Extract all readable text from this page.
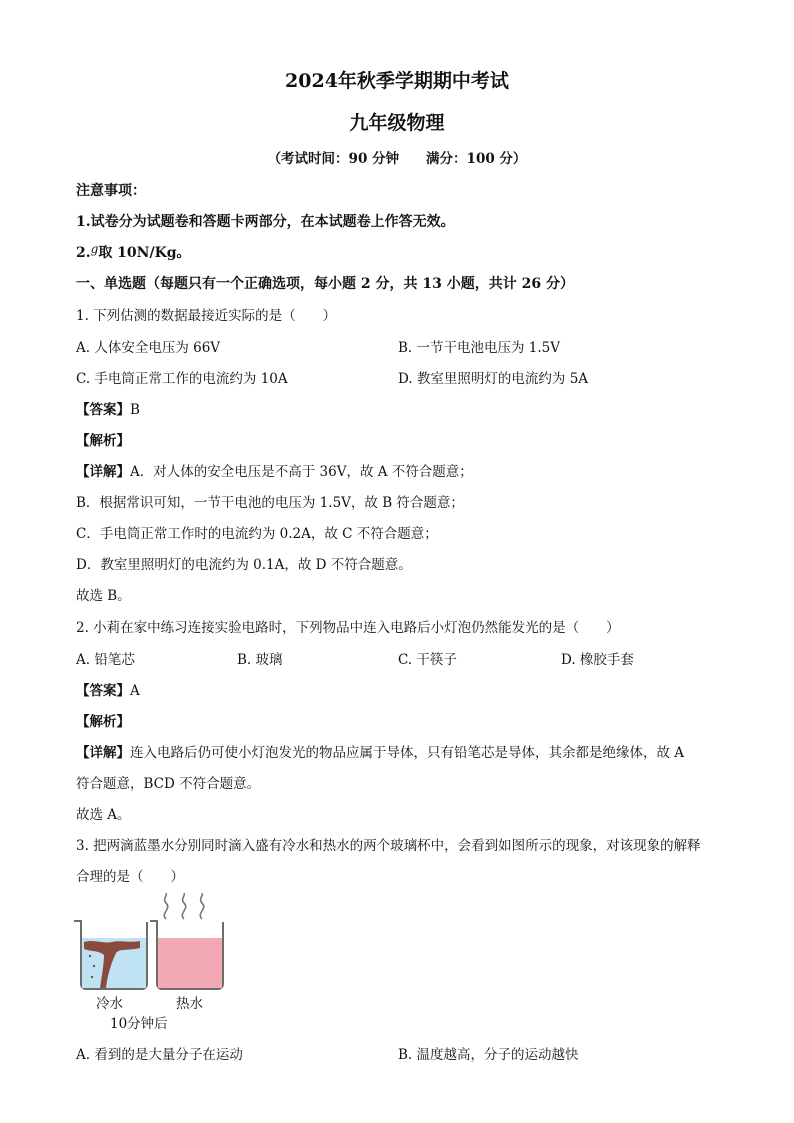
2024年秋季学期期中考试
九年级物理
（考试时间：90 分钟　　满分：100 分）
注意事项：
1.试卷分为试题卷和答题卡两部分，在本试题卷上作答无效。
2.g取 10N/Kg。
一、单选题（每题只有一个正确选项，每小题 2 分，共 13 小题，共计 26 分）
1. 下列估测的数据最接近实际的是（　　）
A. 人体安全电压为 66V	B. 一节干电池电压为 1.5V
C. 手电筒正常工作的电流约为 10A	D. 教室里照明灯的电流约为 5A
【答案】B
【解析】
【详解】A．对人体的安全电压是不高于 36V，故 A 不符合题意；
B．根据常识可知，一节干电池的电压为 1.5V，故 B 符合题意；
C．手电筒正常工作时的电流约为 0.2A，故 C 不符合题意；
D．教室里照明灯的电流约为 0.1A，故 D 不符合题意。
故选 B。
2. 小莉在家中练习连接实验电路时，下列物品中连入电路后小灯泡仍然能发光的是（　　）
A. 铅笔芯	B. 玻璃	C. 干筷子	D. 橡胶手套
【答案】A
【解析】
【详解】连入电路后仍可使小灯泡发光的物品应属于导体，只有铅笔芯是导体，其余都是绝缘体，故 A
符合题意，BCD 不符合题意。
故选 A。
3. 把两滴蓝墨水分别同时滴入盛有冷水和热水的两个玻璃杯中，会看到如图所示的现象，对该现象的解释
合理的是（　　）
冷水	热水
10分钟后
A. 看到的是大量分子在运动	B. 温度越高，分子的运动越快
